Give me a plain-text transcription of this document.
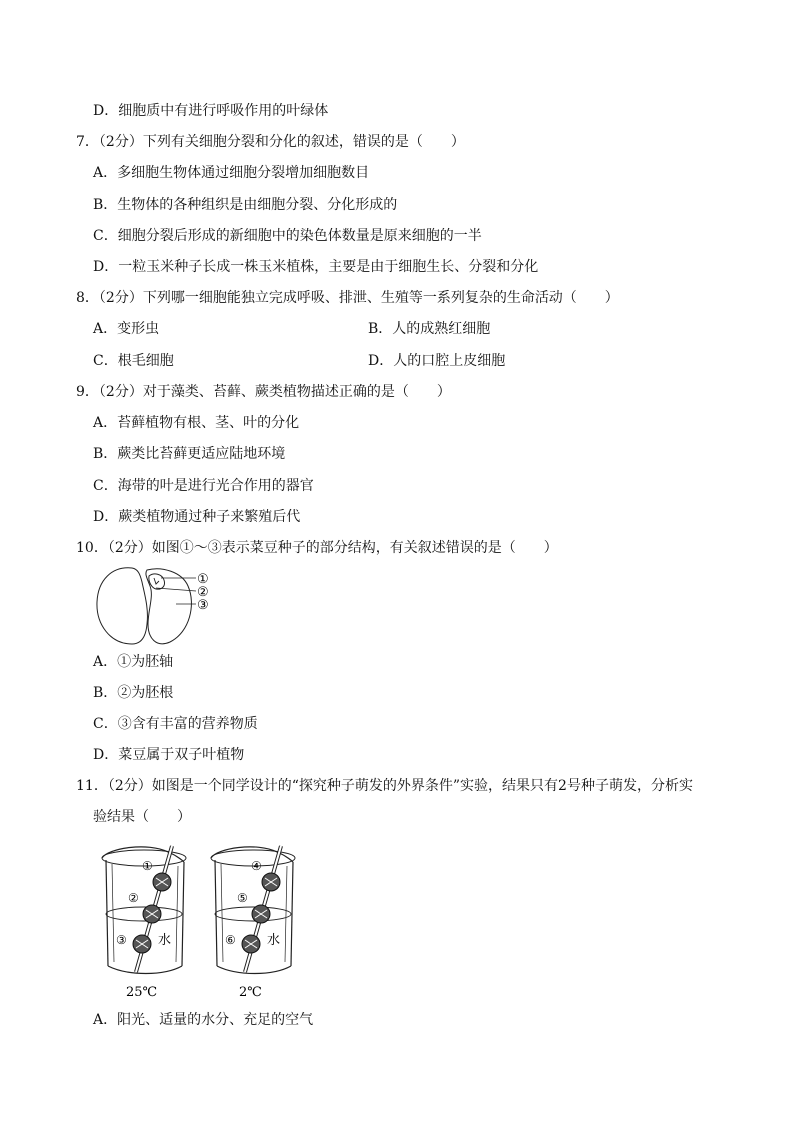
D．细胞质中有进行呼吸作用的叶绿体
7．（2分）下列有关细胞分裂和分化的叙述，错误的是（　　）
A．多细胞生物体通过细胞分裂增加细胞数目
B．生物体的各种组织是由细胞分裂、分化形成的
C．细胞分裂后形成的新细胞中的染色体数量是原来细胞的一半
D．一粒玉米种子长成一株玉米植株，主要是由于细胞生长、分裂和分化
8．（2分）下列哪一细胞能独立完成呼吸、排泄、生殖等一系列复杂的生命活动（　　）
A．变形虫	B．人的成熟红细胞
C．根毛细胞	D．人的口腔上皮细胞
9．（2分）对于藻类、苔藓、蕨类植物描述正确的是（　　）
A．苔藓植物有根、茎、叶的分化
B．蕨类比苔藓更适应陆地环境
C．海带的叶是进行光合作用的器官
D．蕨类植物通过种子来繁殖后代
10．（2分）如图①～③表示菜豆种子的部分结构，有关叙述错误的是（　　）
①
②
③
A．①为胚轴
B．②为胚根
C．③含有丰富的营养物质
D．菜豆属于双子叶植物
11．（2分）如图是一个同学设计的“探究种子萌发的外界条件”实验，结果只有2号种子萌发，分析实
验结果（　　）
①
②
③ 水
25℃
④
⑤
⑥ 水
2℃
A．阳光、适量的水分、充足的空气
